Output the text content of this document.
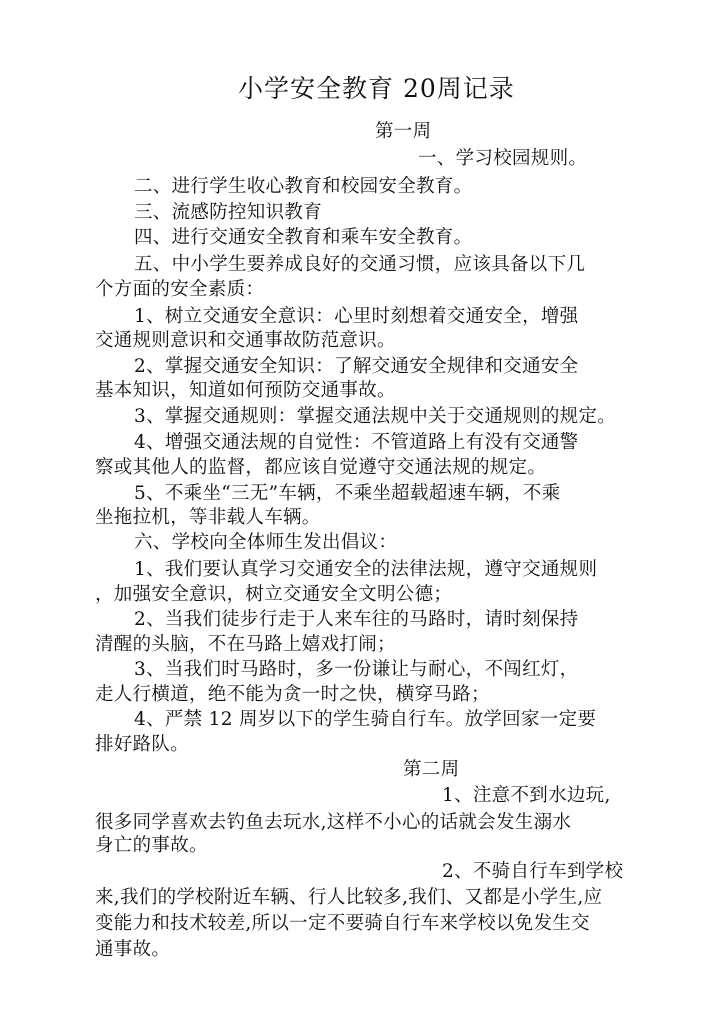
小学安全教育 20周记录
第一周
一、学习校园规则。
二、进行学生收心教育和校园安全教育。
三、流感防控知识教育
四、进行交通安全教育和乘车安全教育。
五、中小学生要养成良好的交通习惯，应该具备以下几
个方面的安全素质：
1、树立交通安全意识：心里时刻想着交通安全，增强
交通规则意识和交通事故防范意识。
2、掌握交通安全知识：了解交通安全规律和交通安全
基本知识，知道如何预防交通事故。
3、掌握交通规则：掌握交通法规中关于交通规则的规定。
4、增强交通法规的自觉性：不管道路上有没有交通警
察或其他人的监督，都应该自觉遵守交通法规的规定。
5、不乘坐“三无”车辆，不乘坐超载超速车辆，不乘
坐拖拉机，等非载人车辆。
六、学校向全体师生发出倡议：
1、我们要认真学习交通安全的法律法规，遵守交通规则
，加强安全意识，树立交通安全文明公德；
2、当我们徒步行走于人来车往的马路时，请时刻保持
清醒的头脑，不在马路上嬉戏打闹；
3、当我们时马路时，多一份谦让与耐心，不闯红灯，
走人行横道，绝不能为贪一时之快，横穿马路；
4、严禁 12 周岁以下的学生骑自行车。放学回家一定要
排好路队。
第二周
1、注意不到水边玩,
很多同学喜欢去钓鱼去玩水,这样不小心的话就会发生溺水
身亡的事故。
2、不骑自行车到学校
来,我们的学校附近车辆、行人比较多,我们、又都是小学生,应
变能力和技术较差,所以一定不要骑自行车来学校以免发生交
通事故。
